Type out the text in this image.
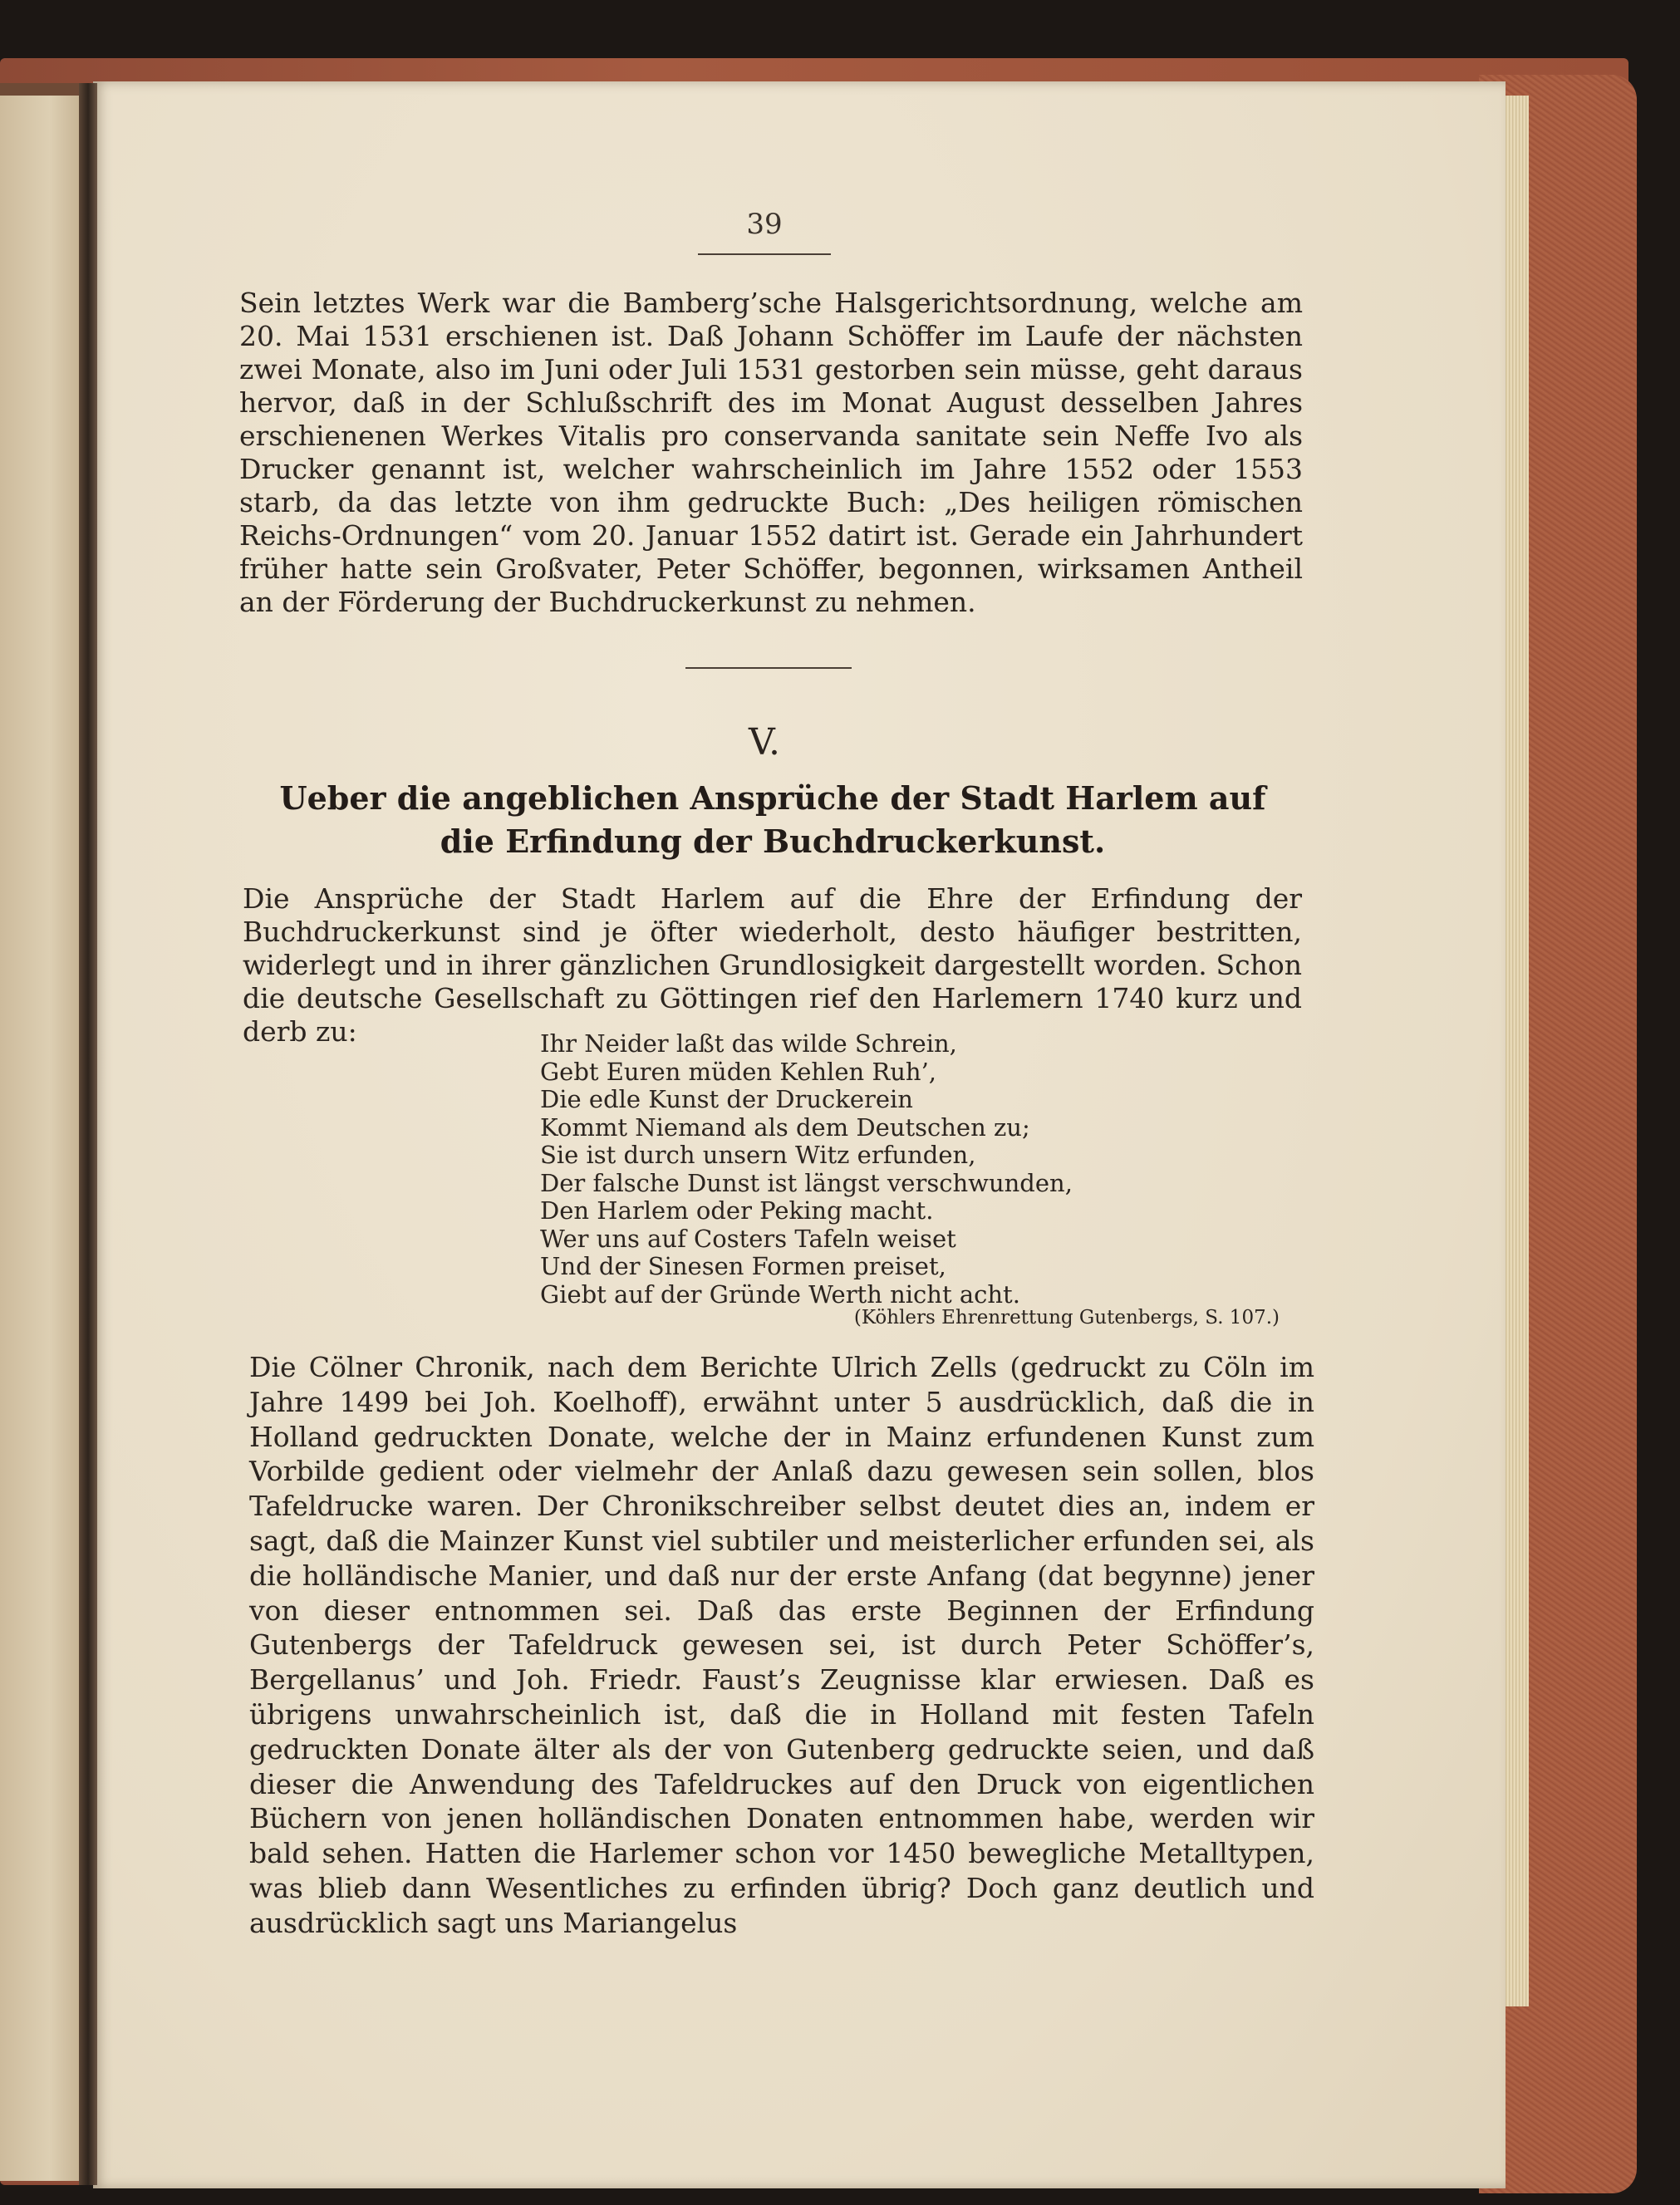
39

Sein letztes Werk war die Bamberg’sche Halsgerichtsordnung, welche am 20. Mai 1531 erschienen ist. Daß Johann Schöffer im Laufe der nächsten zwei Monate, also im Juni oder Juli 1531 gestorben sein müsse, geht daraus hervor, daß in der Schlußschrift des im Monat August desselben Jahres erschienenen Werkes Vitalis pro conservanda sanitate sein Neffe Ivo als Drucker genannt ist, welcher wahrscheinlich im Jahre 1552 oder 1553 starb, da das letzte von ihm gedruckte Buch: „Des heiligen römischen Reichs-Ordnungen“ vom 20. Januar 1552 datirt ist. Gerade ein Jahrhundert früher hatte sein Großvater, Peter Schöffer, begonnen, wirksamen Antheil an der Förderung der Buchdruckerkunst zu nehmen.

V.
Ueber die angeblichen Ansprüche der Stadt Harlem auf die Erfindung der Buchdruckerkunst.

Die Ansprüche der Stadt Harlem auf die Ehre der Erfindung der Buchdruckerkunst sind je öfter wiederholt, desto häufiger bestritten, widerlegt und in ihrer gänzlichen Grundlosigkeit dargestellt worden. Schon die deutsche Gesellschaft zu Göttingen rief den Harlemern 1740 kurz und derb zu:	Ihr Neider laßt das wilde Schrein,
Gebt Euren müden Kehlen Ruh’,
Die edle Kunst der Druckerein
Kommt Niemand als dem Deutschen zu;
Sie ist durch unsern Witz erfunden,
Der falsche Dunst ist längst verschwunden,
Den Harlem oder Peking macht.
Wer uns auf Costers Tafeln weiset
Und der Sinesen Formen preiset,
Giebt auf der Gründe Werth nicht acht.
(Köhlers Ehrenrettung Gutenbergs, S. 107.)

Die Cölner Chronik, nach dem Berichte Ulrich Zells (gedruckt zu Cöln im Jahre 1499 bei Joh. Koelhoff), erwähnt unter 5 ausdrücklich, daß die in Holland gedruckten Donate, welche der in Mainz erfundenen Kunst zum Vorbilde gedient oder vielmehr der Anlaß dazu gewesen sein sollen, blos Tafeldrucke waren. Der Chronikschreiber selbst deutet dies an, indem er sagt, daß die Mainzer Kunst viel subtiler und meisterlicher erfunden sei, als die holländische Manier, und daß nur der erste Anfang (dat begynne) jener von dieser entnommen sei. Daß das erste Beginnen der Erfindung Gutenbergs der Tafeldruck gewesen sei, ist durch Peter Schöffer’s, Bergellanus’ und Joh. Friedr. Faust’s Zeugnisse klar erwiesen. Daß es übrigens unwahrscheinlich ist, daß die in Holland mit festen Tafeln gedruckten Donate älter als der von Gutenberg gedruckte seien, und daß dieser die Anwendung des Tafeldruckes auf den Druck von eigentlichen Büchern von jenen holländischen Donaten entnommen habe, werden wir bald sehen. Hatten die Harlemer schon vor 1450 bewegliche Metalltypen, was blieb dann Wesentliches zu erfinden übrig? Doch ganz deutlich und ausdrücklich sagt uns Mariangelus
